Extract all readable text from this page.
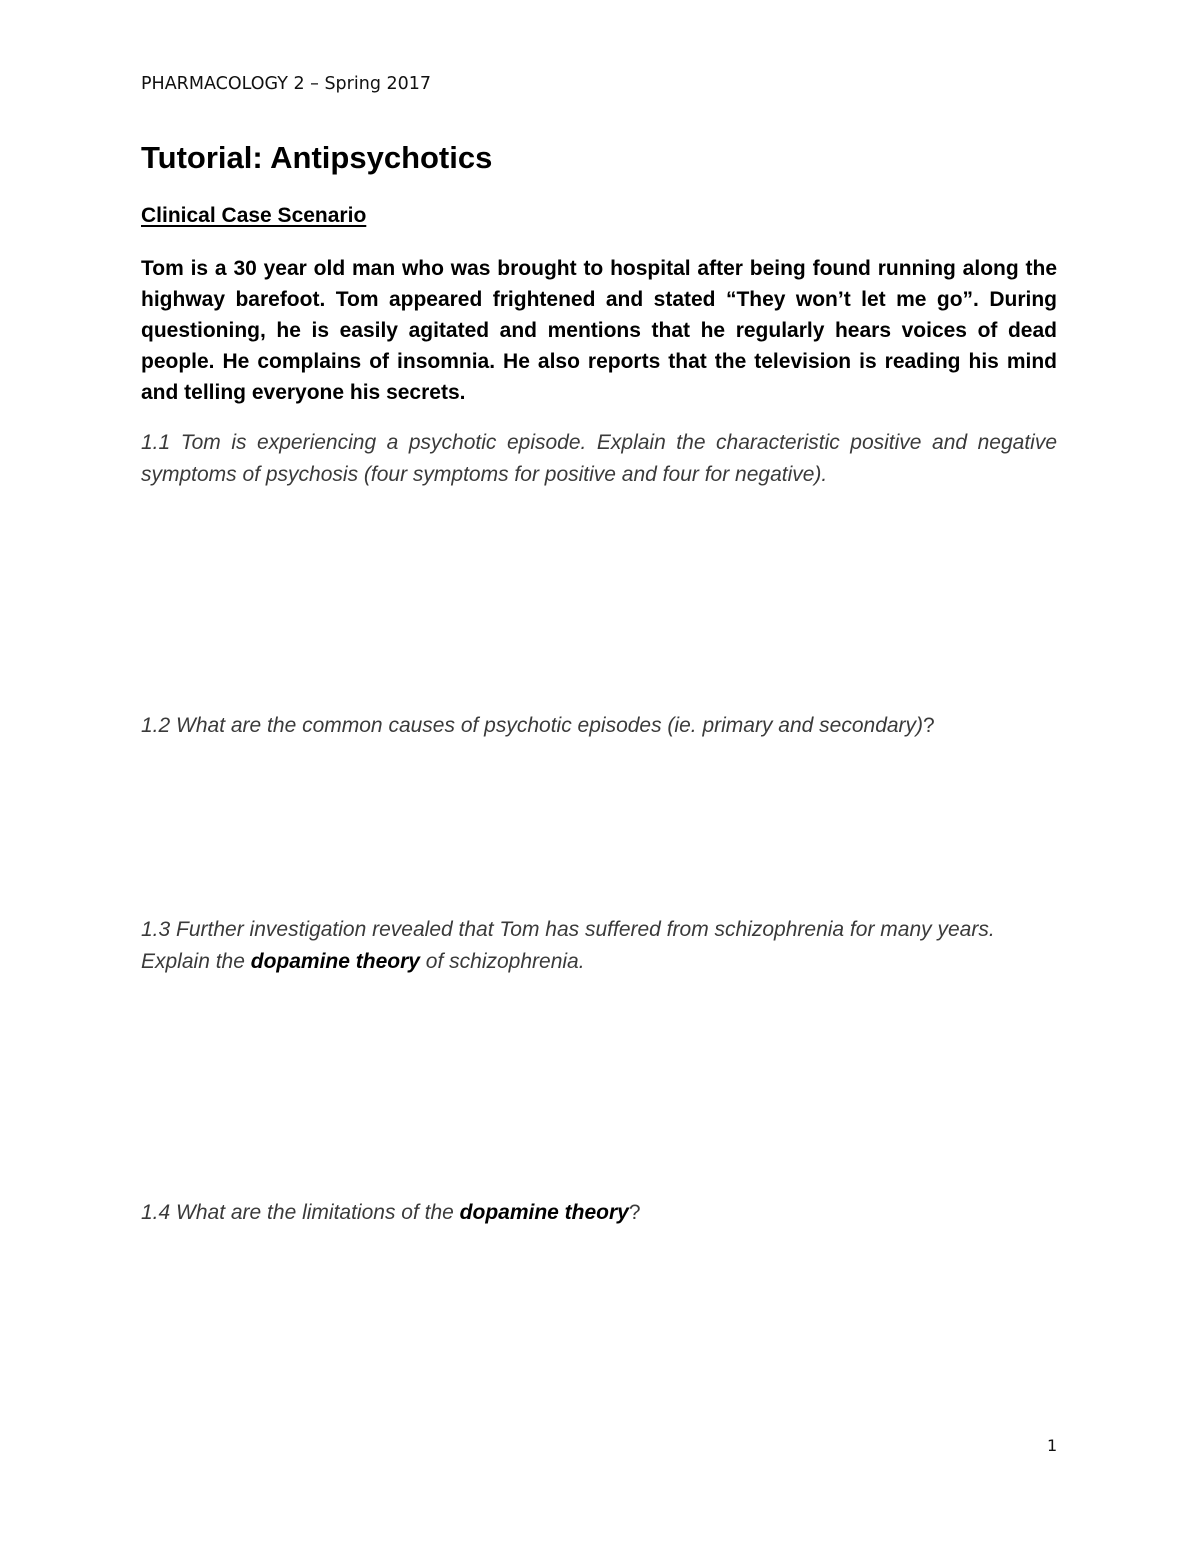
PHARMACOLOGY 2 – Spring 2017
Tutorial: Antipsychotics
Clinical Case Scenario

Tom is a 30 year old man who was brought to hospital after being found running along the highway barefoot. Tom appeared frightened and stated “They won’t let me go”. During questioning, he is easily agitated and mentions that he regularly hears voices of dead people. He complains of insomnia. He also reports that the television is reading his mind and telling everyone his secrets.

1.1 Tom is experiencing a psychotic episode. Explain the characteristic positive and negative symptoms of psychosis (four symptoms for positive and four for negative).

1.2 What are the common causes of psychotic episodes (ie. primary and secondary)?

1.3 Further investigation revealed that Tom has suffered from schizophrenia for many years. Explain the dopamine theory of schizophrenia.

1.4 What are the limitations of the dopamine theory?

1
